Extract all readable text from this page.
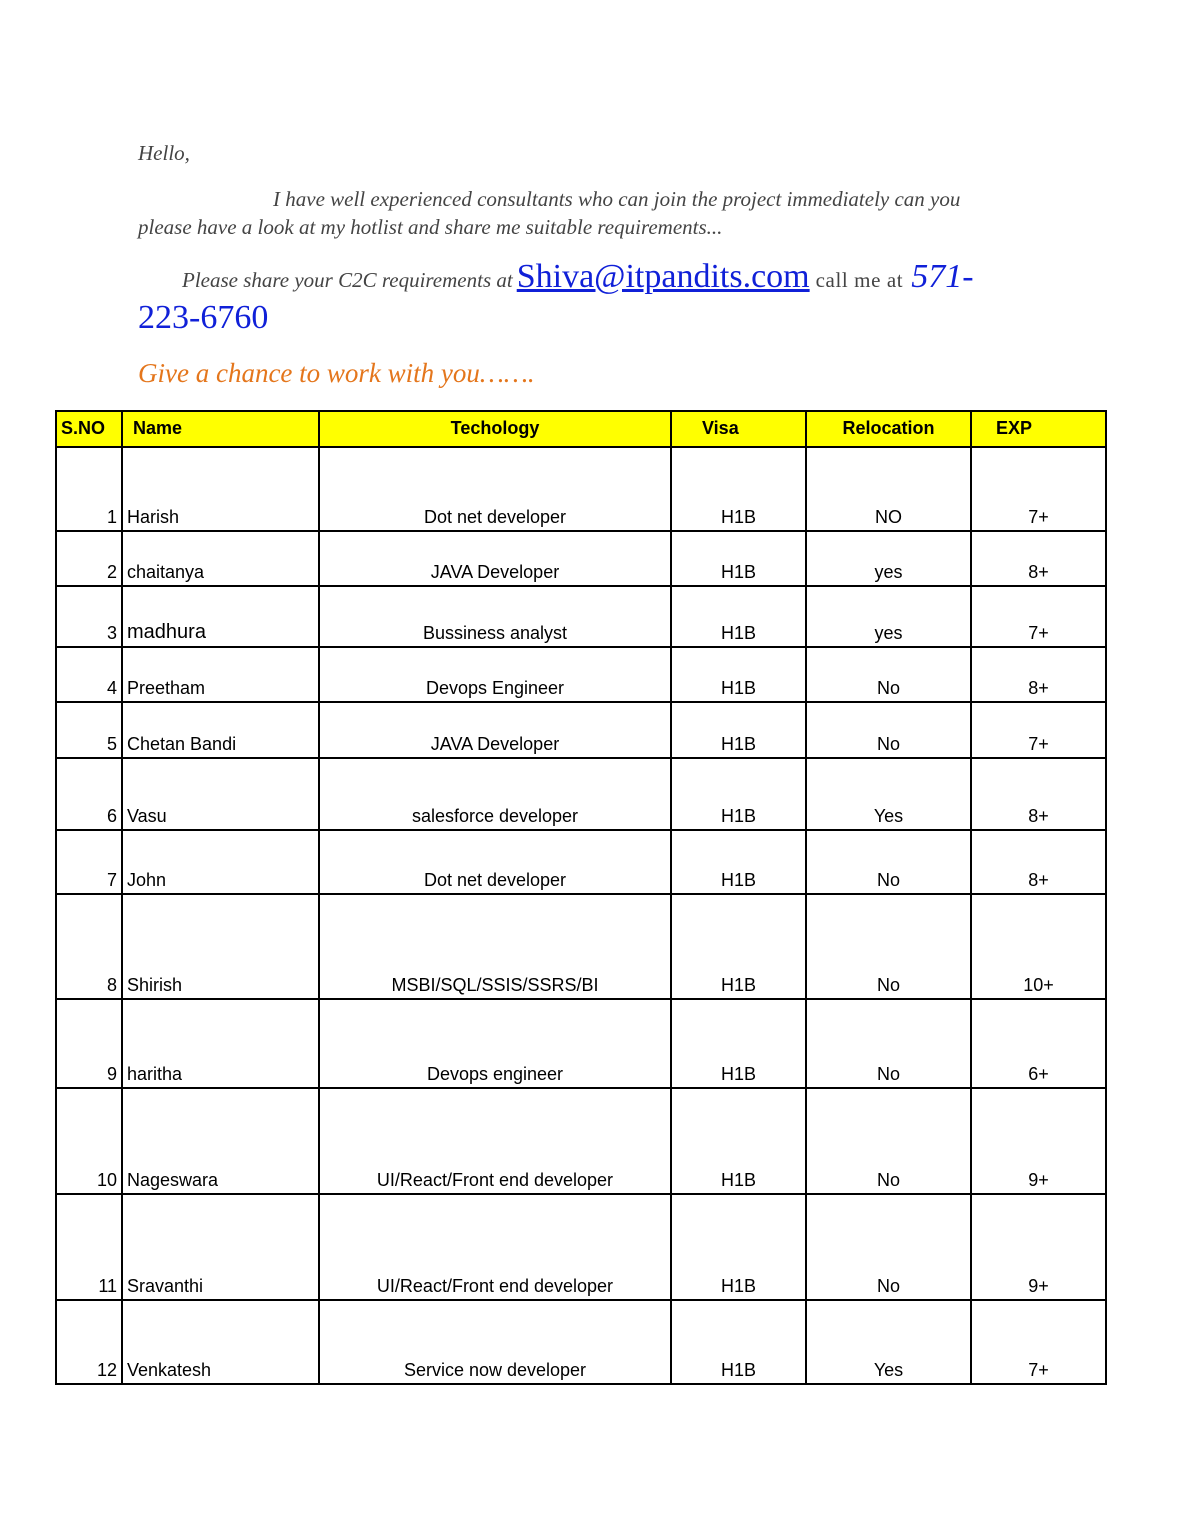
Hello,
I have well experienced consultants who can join the project immediately can you
please have a look at my hotlist and share me suitable requirements...
Please share your C2C requirements at Shiva@itpandits.com call me at 571-
223-6760
Give a chance to work with you…….
S.NO	Name	Techology	Visa	Relocation	EXP
1	Harish	Dot net developer	H1B	NO	7+
2	chaitanya	JAVA Developer	H1B	yes	8+
3	madhura	Bussiness analyst	H1B	yes	7+
4	Preetham	Devops Engineer	H1B	No	8+
5	Chetan Bandi	JAVA Developer	H1B	No	7+
6	Vasu	salesforce developer	H1B	Yes	8+
7	John	Dot net developer	H1B	No	8+
8	Shirish	MSBI/SQL/SSIS/SSRS/BI	H1B	No	10+
9	haritha	Devops engineer	H1B	No	6+
10	Nageswara	UI/React/Front end developer	H1B	No	9+
11	Sravanthi	UI/React/Front end developer	H1B	No	9+
12	Venkatesh	Service now developer	H1B	Yes	7+
